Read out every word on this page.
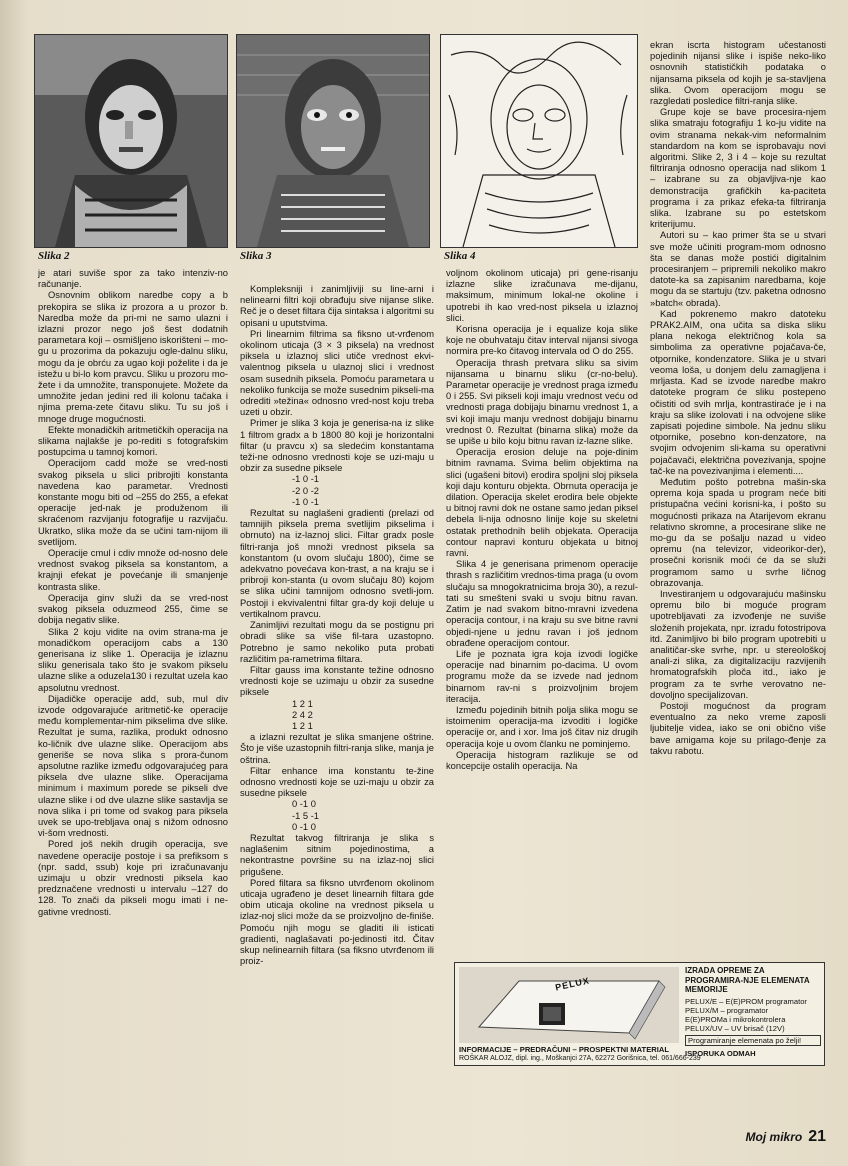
Slika 2	Slika 3	Slika 4

je atari suviše spor za tako intenziv-no računanje.

Osnovnim oblikom naredbe copy a b prekopira se slika iz prozora a u prozor b. Naredba može da pri-mi ne samo ulazni i izlazni prozor nego još šest dodatnih parametara koji – osmišljeno iskorišteni – mo-gu u prozorima da pokazuju ogle-dalnu sliku, mogu da je obrću za ugao koji poželite i da je istežu u bi-lo kom pravcu. Sliku u prozoru mo-žete i da umnožite, transponujete. Možete da umnožite jedan jedini red ili kolonu tačaka i njima prema-zete čitavu sliku. Tu su još i mnoge druge mogućnosti.

Efekte monadičkih aritmetičkih operacija na slikama najlakše je po-rediti s fotografskim postupcima u tamnoj komori.

Operacijom cadd može se vred-nosti svakog piksela u slici pribrojiti konstanta navedena kao parametar. Vrednosti konstante mogu biti od –255 do 255, a efekat operacije jed-nak je produženom ili skraćenom razvijanju fotografije u razvijaču. Ukratko, slika može da se učini tam-nijom ili svetlijom.

Operacije cmul i cdiv množe od-nosno dele vrednost svakog piksela sa konstantom, a krajnji efekat je povećanje ili smanjenje kontrasta slike.

Operacija ginv služi da se vred-nost svakog piksela oduzmeod 255, čime se dobija negativ slike.

Slika 2 koju vidite na ovim strana-ma je monadičkom operacijom cabs a 130 generisana iz slike 1. Operacija je izlaznu sliku generisala tako što je svakom pikselu ulazne slike a oduzela130 i rezultat uzela kao apsolutnu vrednost.

Dijadičke operacije add, sub, mul div izvode odgovarajuće aritmetič-ke operacije među komplementar-nim pikselima dve slike. Rezultat je suma, razlika, produkt odnosno ko-ličnik dve ulazne slike. Operacijom abs generiše se nova slika s prora-čunom apsolutne razlike između odgovarajućeg para piksela dve ulazne slike. Operacijama minimum i maximum porede se pikseli dve ulazne slike i od dve ulazne slike sastavlja se nova slika i pri tome od svakog para piksela uvek se upo-trebljava onaj s nižom odnosno vi-šom vrednosti.

Pored još nekih drugih operacija, sve navedene operacije postoje i sa prefiksom s (npr. sadd, ssub) koje pri izračunavanju uzimaju u obzir vrednosti piksela kao predznačene vrednosti u intervalu –127 do 128. To znači da pikseli mogu imati i ne-gativne vrednosti.

Kompleksniji i zanimljiviji su line-arni i nelinearni filtri koji obrađuju sive nijanse slike. Reč je o deset filtara čija sintaksa i algoritmi su opisani u uputstvima.

Pri linearnim filtrima sa fiksno ut-vrđenom okolinom uticaja (3 × 3 piksela) na vrednost piksela u izlaznoj slici utiče vrednost ekvi-valentnog piksela u ulaznoj slici i vrednost osam susednih piksela. Pomoću parametara u nekoliko funkcija se može susednim pikseli-ma odrediti »težina« odnosno vred-nost koju treba uzeti u obzir.

Primer je slika 3 koja je generisa-na iz slike 1 filtrom gradx a b 1800 80 koji je horizontalni filtar (u pravcu x) sa sledećim konstantama teži-ne odnosno vrednosti koje se uzi-maju u obzir za susedne piksele

-1 0 -1

-2 0 -2

-1 0 -1

Rezultat su naglašeni gradienti (prelazi od tamnijih piksela prema svetlijim pikselima i obrnuto) na iz-laznoj slici. Filtar gradx posle filtri-ranja još množi vrednost piksela sa konstantom (u ovom slučaju 1800), čime se adekvatno povećava kon-trast, a na kraju se i pribroji kon-stanta (u ovom slučaju 80) kojom se slika učini tamnijom odnosno svetli-jom. Postoji i ekvivalentni filtar gra-dy koji deluje u vertikalnom pravcu.

Zanimljivi rezultati mogu da se postignu pri obradi slike sa više fil-tara uzastopno. Potrebno je samo nekoliko puta probati različitim pa-rametrima filtara.

Filtar gauss ima konstante težine odnosno vrednosti koje se uzimaju u obzir za susedne piksele

1 2 1

2 4 2

1 2 1

a izlazni rezultat je slika smanjene oštrine. Što je više uzastopnih filtri-ranja slike, manja je oštrina.

Filtar enhance ima konstantu te-žine odnosno vrednosti koje se uzi-maju u obzir za susedne piksele

0 -1 0

-1 5 -1

0 -1 0

Rezultat takvog filtriranja je slika s naglašenim sitnim pojedinostima, a nekontrastne površine su na izlaz-noj slici prigušene.

Pored filtara sa fiksno utvrđenom okolinom uticaja ugrađeno je deset linearnih filtara gde obim uticaja okoline na vrednost piksela u izlaz-noj slici može da se proizvoljno de-finiše. Pomoću njih mogu se gladiti ili isticati gradienti, naglašavati po-jedinosti itd. Čitav skup nelinearnih filtara (sa fiksno utvrđenom ili proiz-

voljnom okolinom uticaja) pri gene-risanju izlazne slike izračunava me-dijanu, maksimum, minimum lokal-ne okoline i upotrebi ih kao vred-nost piksela u izlaznoj slici.

Korisna operacija je i equalize koja slike koje ne obuhvataju čitav interval nijansi sivoga normira pre-ko čitavog intervala od O do 255.

Operacija thrash pretvara sliku sa sivim nijansama u binarnu sliku (cr-no-belu). Parametar operacije je vrednost praga između 0 i 255. Svi pikseli koji imaju vrednost veću od vrednosti praga dobijaju binarnu vrednost 1, a svi koji imaju manju vrednost dobijaju binarnu vrednost 0. Rezultat (binarna slika) može da se upiše u bilo koju bitnu ravan iz-lazne slike.

Operacija erosion deluje na poje-dinim bitnim ravnama. Svima belim objektima na slici (ugašeni bitovi) erodira spoljni sloj piksela koji daju konturu objekta. Obrnuta operacija je dilation. Operacija skelet erodira bele objekte u bitnoj ravni dok ne ostane samo jedan piksel debela li-nija odnosno linije koje su skeletni ostatak prethodnih belih objekata. Operacija contour napravi konturu objekata u bitnoj ravni.

Slika 4 je generisana primenom operacije thrash s različitim vrednos-tima praga (u ovom slučaju sa mnogokratnicima broja 30), a rezul-tati su smešteni svaki u svoju bitnu ravan. Zatim je nad svakom bitno-mravni izvedena operacija contour, i na kraju su sve bitne ravni objedi-njene u jednu ravan i još jednom obrađene operacijom contour.

Life je poznata igra koja izvodi logičke operacije nad binarnim po-dacima. U ovom programu može da se izvede nad jednom binarnom rav-ni s proizvoljnim brojem iteracija.

Između pojedinih bitnih polja slika mogu se istoimenim operacija-ma izvoditi i logičke operacije or, and i xor. Ima još čitav niz drugih operacija koje u ovom članku ne pominjemo.

Operacija histogram razlikuje se od koncepcije ostalih operacija. Na

ekran iscrta histogram učestanosti pojedinih nijansi slike i ispiše neko-liko osnovnih statističkih podataka o nijansama piksela od kojih je sa-stavljena slika. Ovom operacijom mogu se razgledati posledice filtri-ranja slike.

Grupe koje se bave procesira-njem slika smatraju fotografiju 1 ko-ju vidite na ovim stranama nekak-vim neformalnim standardom na kom se isprobavaju novi algoritmi. Slike 2, 3 i 4 – koje su rezultat filtriranja odnosno operacija nad slikom 1 – izabrane su za objavljiva-nje kao demonstracija grafičkih ka-paciteta programa i za prikaz efeka-ta filtriranja slika. Izabrane su po estetskom kriterijumu.

Autori su – kao primer šta se u stvari sve može učiniti program-mom odnosno šta se danas može postići digitalnim procesiranjem – pripremili nekoliko makro datote-ka sa zapisanim naredbama, koje mogu da se startuju (tzv. paketna odnosno »batch« obrada).

Kad pokrenemo makro datoteku PRAK2.AIM, ona učita sa diska sliku plana nekoga električnog kola sa simbolima za operativne pojačava-če, otpornike, kondenzatore. Slika je u stvari veoma loša, u donjem delu zamagljena i mrljasta. Kad se izvode naredbe makro datoteke program će sliku postepeno očistiti od svih mrlja, kontrastiraće je i na kraju sa slike izolovati i na odvojene slike zapisati pojedine simbole. Na jednu sliku otpornike, posebno kon-denzatore, na svojim odvojenim sli-kama su operativni pojačavači, električna povezivanja, spojne tač-ke na povezivanjima i elementi....

Međutim pošto potrebna mašin-ska oprema koja spada u program neće biti pristupačna većini korisni-ka, i pošto su mogućnosti prikaza na Atarijevom ekranu relativno skromne, a procesirane slike ne mo-gu da se pošalju nazad u video opremu (na televizor, videorikor-der), prosečni korisnik moći će da se služi programom samo u svrhe ličnog obrazovanja.

Investiranjem u odgovarajuću mašinsku opremu bilo bi moguće program upotrebljavati za izvođenje ne suviše složenih projekata, npr. izradu fotostripova itd. Zanimljivo bi bilo program upotrebiti u analitičar-ske svrhe, npr. u stereološkoj anali-zi slika, za digitalizaciju razvijenih hromatografskih ploča itd., iako je program za te svrhe verovatno ne-dovoljno specijalizovan.

Postoji mogućnost da program eventualno za neko vreme zaposli ljubitelje videa, iako se oni obično više bave amigama koje su prilago-đenje za takvu rabotu.

PELUX
IZRADA OPREME ZA PROGRAMIRA-NJE ELEMENATA MEMORIJE
PELUX/E – E(E)PROM programator
PELUX/M – programator
E(E)PROMa i mikrokontrolera
PELUX/UV – UV brisač (12V)
Programiranje elemenata po želji!
ISPORUKA ODMAH
INFORMACIJE – PREDRAČUNI – PROSPEKTNI MATERIAL
ROŠKAR ALOJZ, dipl. ing., Moškanjci 27A, 62272 Gorišnica, tel. 061/666-239
Moj mikro 21
